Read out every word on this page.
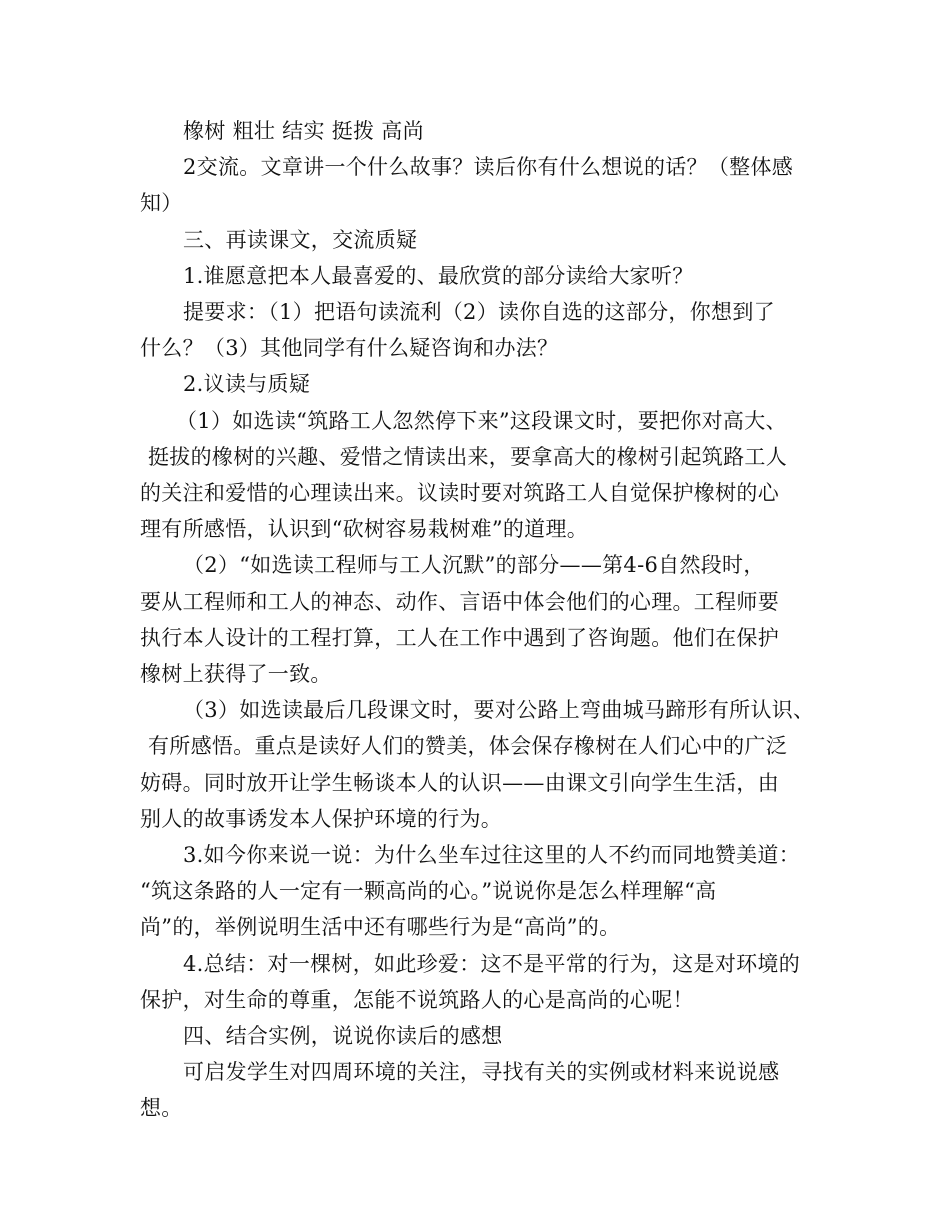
橡树 粗壮 结实 挺拨 高尚
2交流。文章讲一个什么故事？读后你有什么想说的话？（整体感
知）
三、再读课文，交流质疑
1.谁愿意把本人最喜爱的、最欣赏的部分读给大家听？
提要求：（1）把语句读流利（2）读你自选的这部分，你想到了
什么？（3）其他同学有什么疑咨询和办法？
2.议读与质疑
（1）如选读“筑路工人忽然停下来”这段课文时，要把你对高大、
挺拔的橡树的兴趣、爱惜之情读出来，要拿高大的橡树引起筑路工人
的关注和爱惜的心理读出来。议读时要对筑路工人自觉保护橡树的心
理有所感悟，认识到“砍树容易栽树难”的道理。
（2）“如选读工程师与工人沉默”的部分——第4-6自然段时，
要从工程师和工人的神态、动作、言语中体会他们的心理。工程师要
执行本人设计的工程打算，工人在工作中遇到了咨询题。他们在保护
橡树上获得了一致。
（3）如选读最后几段课文时，要对公路上弯曲城马蹄形有所认识、
有所感悟。重点是读好人们的赞美，体会保存橡树在人们心中的广泛
妨碍。同时放开让学生畅谈本人的认识——由课文引向学生生活，由
别人的故事诱发本人保护环境的行为。
3.如今你来说一说：为什么坐车过往这里的人不约而同地赞美道：
“筑这条路的人一定有一颗高尚的心。”说说你是怎么样理解“高
尚”的，举例说明生活中还有哪些行为是“高尚”的。
4.总结：对一棵树，如此珍爱：这不是平常的行为，这是对环境的
保护，对生命的尊重，怎能不说筑路人的心是高尚的心呢！
四、结合实例，说说你读后的感想
可启发学生对四周环境的关注，寻找有关的实例或材料来说说感
想。
